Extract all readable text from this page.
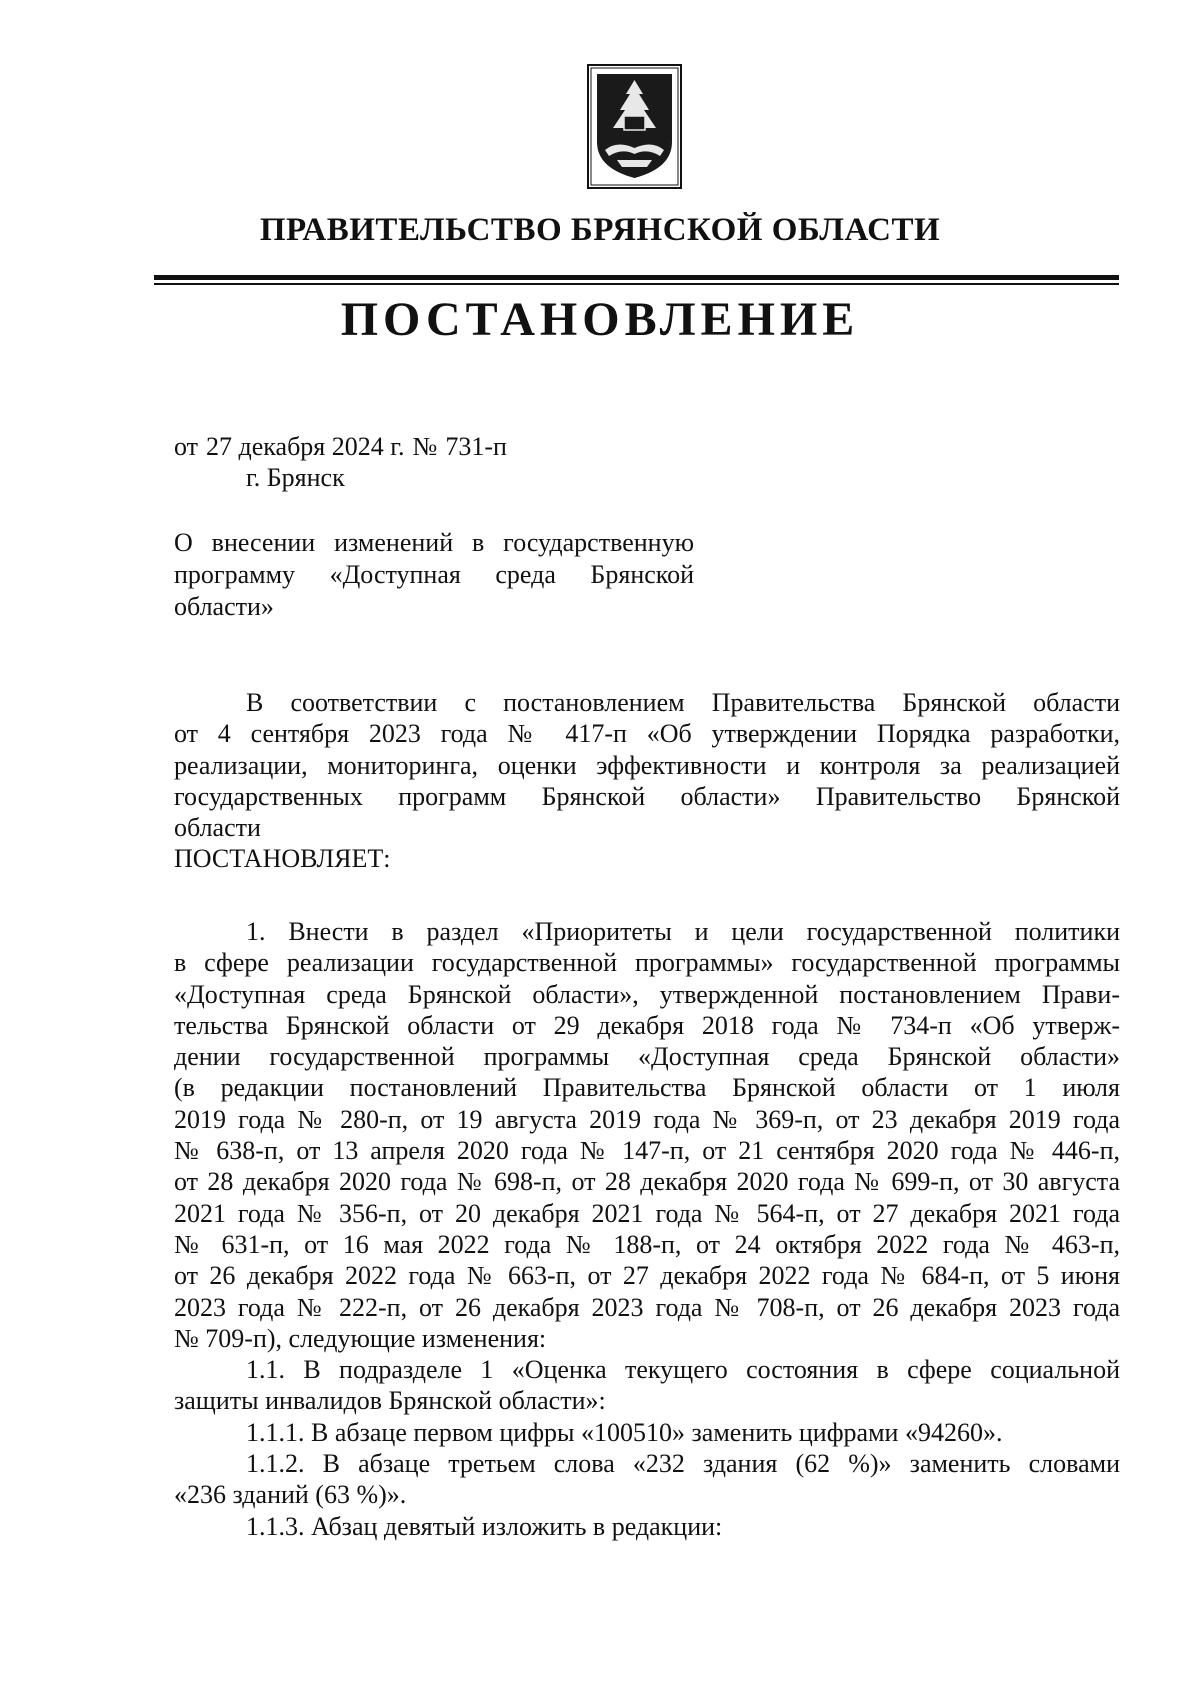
ПРАВИТЕЛЬСТВО БРЯНСКОЙ ОБЛАСТИ
ПОСТАНОВЛЕНИЕ
от 27 декабря 2024 г. № 731-п
г. Брянск
О внесении изменений в государственную
программу «Доступная среда Брянской
области»
В соответствии с постановлением Правительства Брянской области
от 4 сентября 2023 года № 417-п «Об утверждении Порядка разработки,
реализации, мониторинга, оценки эффективности и контроля за реализацией
государственных программ Брянской области» Правительство Брянской
области
ПОСТАНОВЛЯЕТ:
1. Внести в раздел «Приоритеты и цели государственной политики
в сфере реализации государственной программы» государственной программы
«Доступная среда Брянской области», утвержденной постановлением Прави-
тельства Брянской области от 29 декабря 2018 года № 734-п «Об утверж-
дении государственной программы «Доступная среда Брянской области»
(в редакции постановлений Правительства Брянской области от 1 июля
2019 года № 280-п, от 19 августа 2019 года № 369-п, от 23 декабря 2019 года
№ 638-п, от 13 апреля 2020 года № 147-п, от 21 сентября 2020 года № 446-п,
от 28 декабря 2020 года № 698-п, от 28 декабря 2020 года № 699-п, от 30 августа
2021 года № 356-п, от 20 декабря 2021 года № 564-п, от 27 декабря 2021 года
№ 631-п, от 16 мая 2022 года № 188-п, от 24 октября 2022 года № 463-п,
от 26 декабря 2022 года № 663-п, от 27 декабря 2022 года № 684-п, от 5 июня
2023 года № 222-п, от 26 декабря 2023 года № 708-п, от 26 декабря 2023 года
№ 709-п), следующие изменения:
1.1. В подразделе 1 «Оценка текущего состояния в сфере социальной
защиты инвалидов Брянской области»:
1.1.1. В абзаце первом цифры «100510» заменить цифрами «94260».
1.1.2. В абзаце третьем слова «232 здания (62 %)» заменить словами
«236 зданий (63 %)».
1.1.3. Абзац девятый изложить в редакции:
